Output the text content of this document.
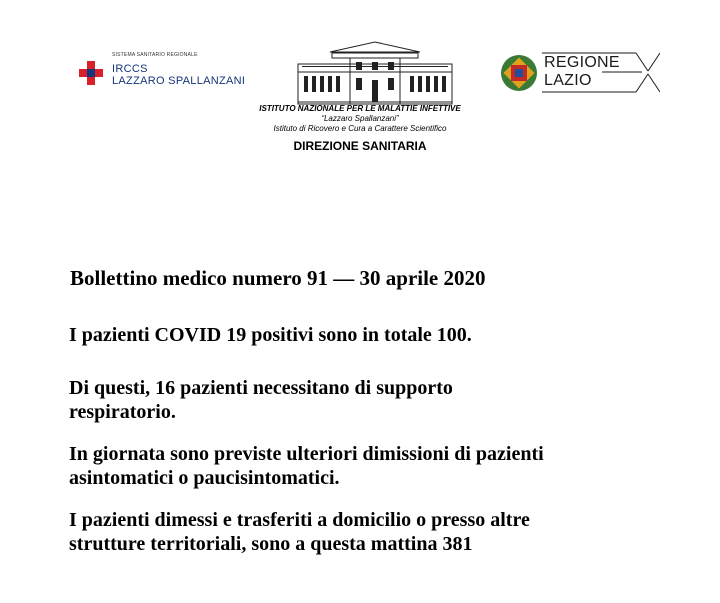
SISTEMA SANITARIO REGIONALE
IRCCS
LAZZARO SPALLANZANI
ISTITUTO NAZIONALE PER LE MALATTIE INFETTIVE
“Lazzaro Spallanzani”
Istituto di Ricovero e Cura a Carattere Scientifico
DIREZIONE SANITARIA
REGIONE
LAZIO
Bollettino medico numero 91 — 30 aprile 2020
I pazienti COVID 19 positivi sono in totale 100.
Di questi, 16 pazienti necessitano di supporto
respiratorio.
In giornata sono previste ulteriori dimissioni di pazienti
asintomatici o paucisintomatici.
I pazienti dimessi e trasferiti a domicilio o presso altre
strutture territoriali, sono a questa mattina 381
